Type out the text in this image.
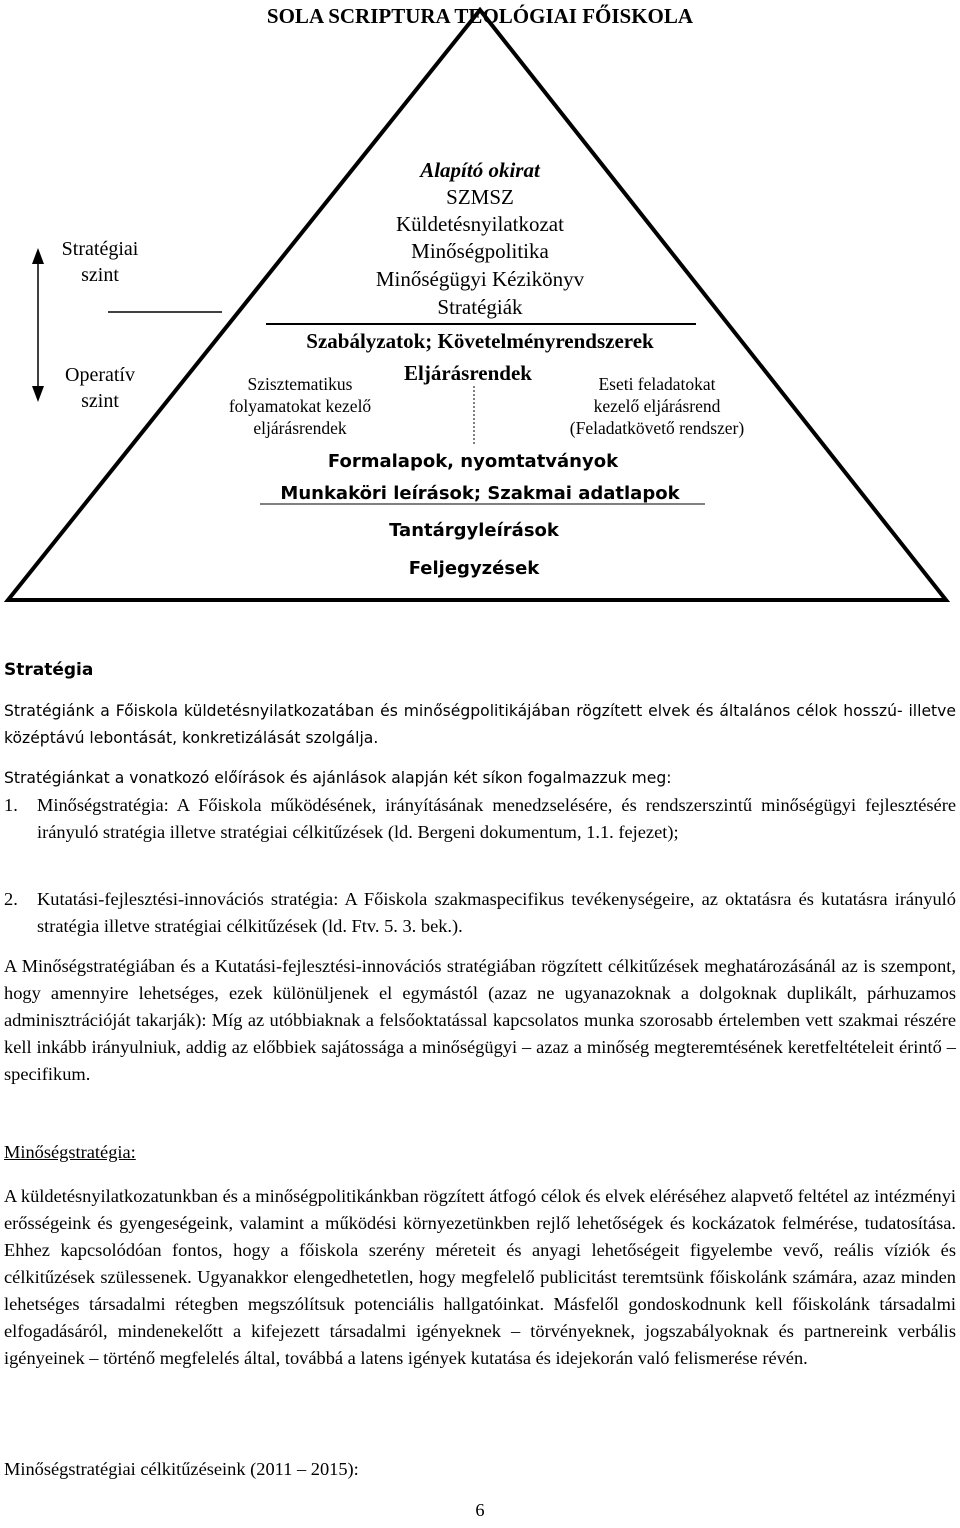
SOLA SCRIPTURA TEOLÓGIAI FŐISKOLA
Alapító okirat
SZMSZ
Küldetésnyilatkozat
Minőségpolitika
Minőségügyi Kézikönyv
Stratégiák
Szabályzatok; Követelményrendszerek
Eljárásrendek
Szisztematikus
folyamatokat kezelő
eljárásrendek
Eseti feladatokat
kezelő eljárásrend
(Feladatkövető rendszer)
Formalapok, nyomtatványok
Munkaköri leírások; Szakmai adatlapok
Tantárgyleírások
Feljegyzések
Stratégiai
szint
Operatív
szint
Stratégia
Stratégiánk a Főiskola küldetésnyilatkozatában és minőségpolitikájában rögzített elvek és általános célok hosszú- illetve középtávú lebontását, konkretizálását szolgálja.
Stratégiánkat a vonatkozó előírások és ajánlások alapján két síkon fogalmazzuk meg:
1. Minőségstratégia: A Főiskola működésének, irányításának menedzselésére, és rendszerszintű minőségügyi fejlesztésére irányuló stratégia illetve stratégiai célkitűzések (ld. Bergeni dokumentum, 1.1. fejezet);
2. Kutatási-fejlesztési-innovációs stratégia: A Főiskola szakmaspecifikus tevékenységeire, az oktatásra és kutatásra irányuló stratégia illetve stratégiai célkitűzések (ld. Ftv. 5. 3. bek.).
A Minőségstratégiában és a Kutatási-fejlesztési-innovációs stratégiában rögzített célkitűzések meghatározásánál az is szempont, hogy amennyire lehetséges, ezek különüljenek el egymástól (azaz ne ugyanazoknak a dolgoknak duplikált, párhuzamos adminisztrációját takarják): Míg az utóbbiaknak a felsőoktatással kapcsolatos munka szorosabb értelemben vett szakmai részére kell inkább irányulniuk, addig az előbbiek sajátossága a minőségügyi – azaz a minőség megteremtésének keretfeltételeit érintő – specifikum.
Minőségstratégia:
A küldetésnyilatkozatunkban és a minőségpolitikánkban rögzített átfogó célok és elvek eléréséhez alapvető feltétel az intézményi erősségeink és gyengeségeink, valamint a működési környezetünkben rejlő lehetőségek és kockázatok felmérése, tudatosítása. Ehhez kapcsolódóan fontos, hogy a főiskola szerény méreteit és anyagi lehetőségeit figyelembe vevő, reális víziók és célkitűzések szülessenek. Ugyanakkor elengedhetetlen, hogy megfelelő publicitást teremtsünk főiskolánk számára, azaz minden lehetséges társadalmi rétegben megszólítsuk potenciális hallgatóinkat. Másfelől gondoskodnunk kell főiskolánk társadalmi elfogadásáról, mindenekelőtt a kifejezett társadalmi igényeknek – törvényeknek, jogszabályoknak és partnereink verbális igényeinek – történő megfelelés által, továbbá a latens igények kutatása és idejekorán való felismerése révén.
Minőségstratégiai célkitűzéseink (2011 – 2015):
6
